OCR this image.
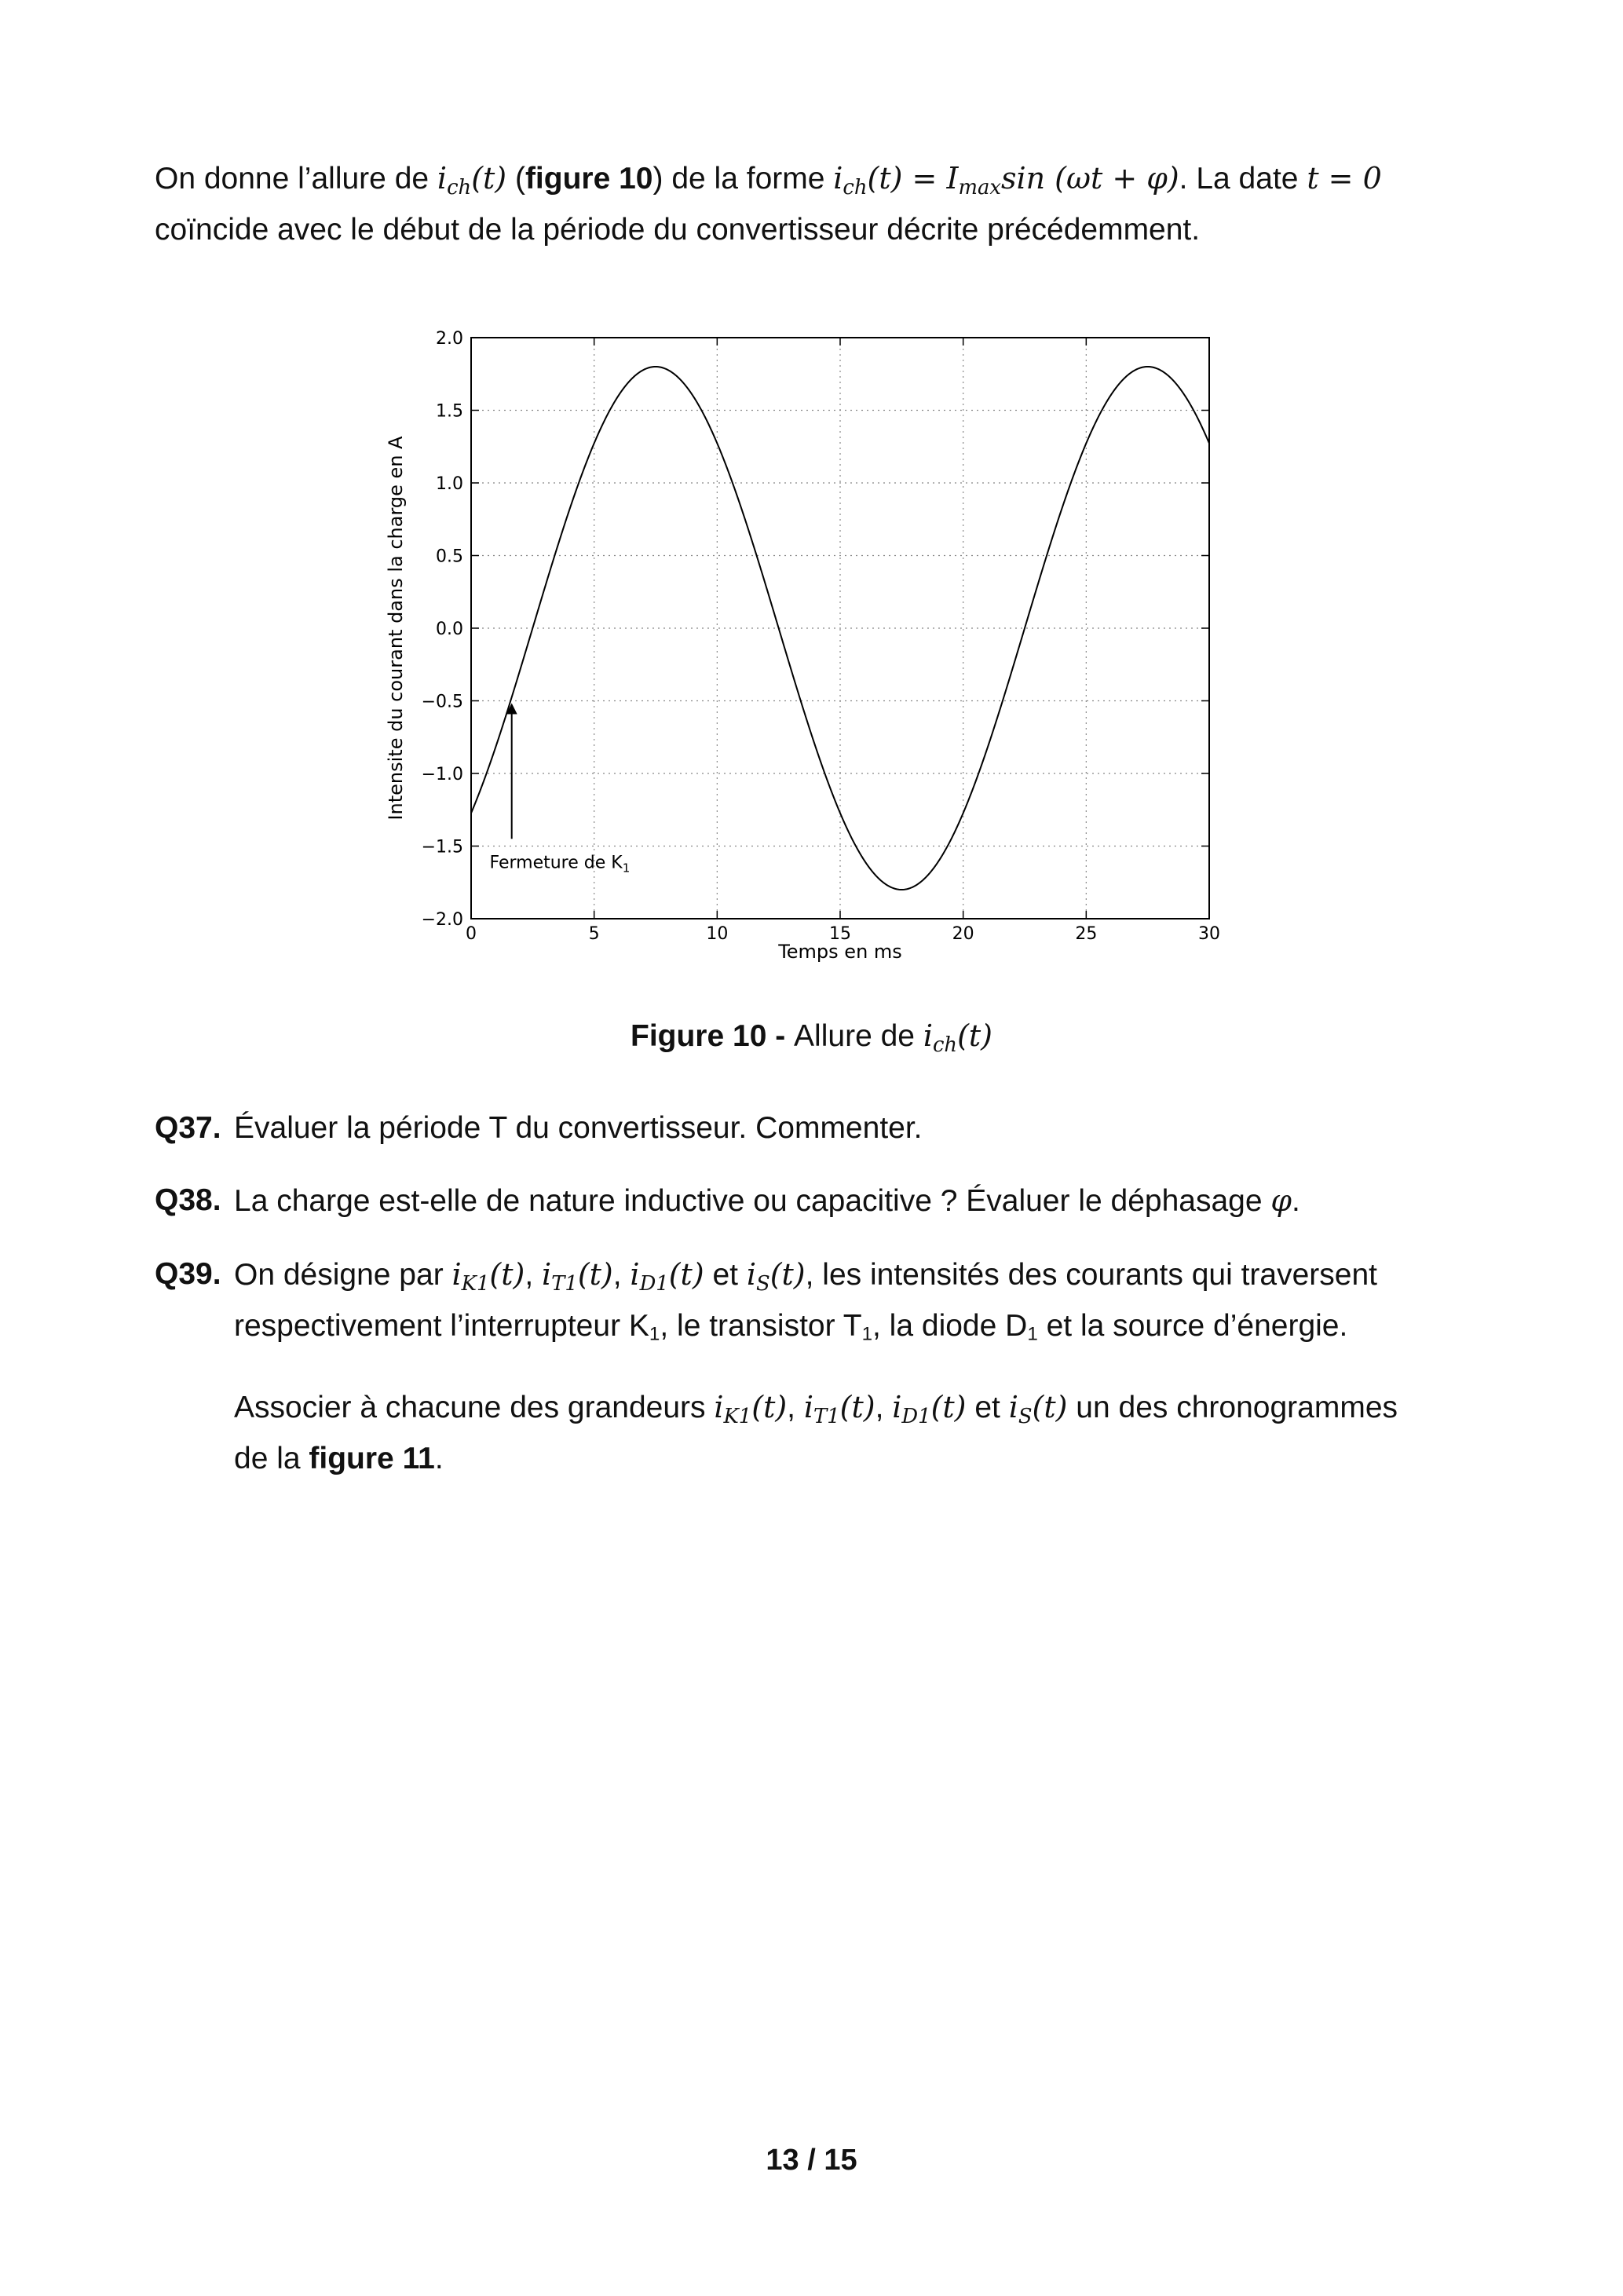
On donne l’allure de $i_{ch}(t)$ (figure 10) de la forme $i_{ch}(t) = I_{max}\sin$ (ωt + φ). La date t = 0
coïncide avec le début de la période du convertisseur décrite précédemment.
Fermeture de $K_1$
0	5	10	15	20	25	30
2.0
1.5
1.0
0.5
0.0
−0.5
−1.0
−1.5
−2.0
Temps en ms
Intensite du courant dans la charge en A
Figure 10 - Allure de $i_{ch}(t)$
Q37. Évaluer la période T du convertisseur. Commenter.
Q38. La charge est-elle de nature inductive ou capacitive ? Évaluer le déphasage φ.
Q39. On désigne par $i_{K1}(t)$, $i_{T1}(t)$, $i_{D1}(t)$ et $i_S(t)$, les intensités des courants qui traversent
respectivement l’interrupteur K1, le transistor T1, la diode D1 et la source d’énergie.
Associer à chacune des grandeurs $i_{K1}(t)$, $i_{T1}(t)$, $i_{D1}(t)$ et $i_S(t)$ un des chronogrammes
de la figure 11.
13 / 15
